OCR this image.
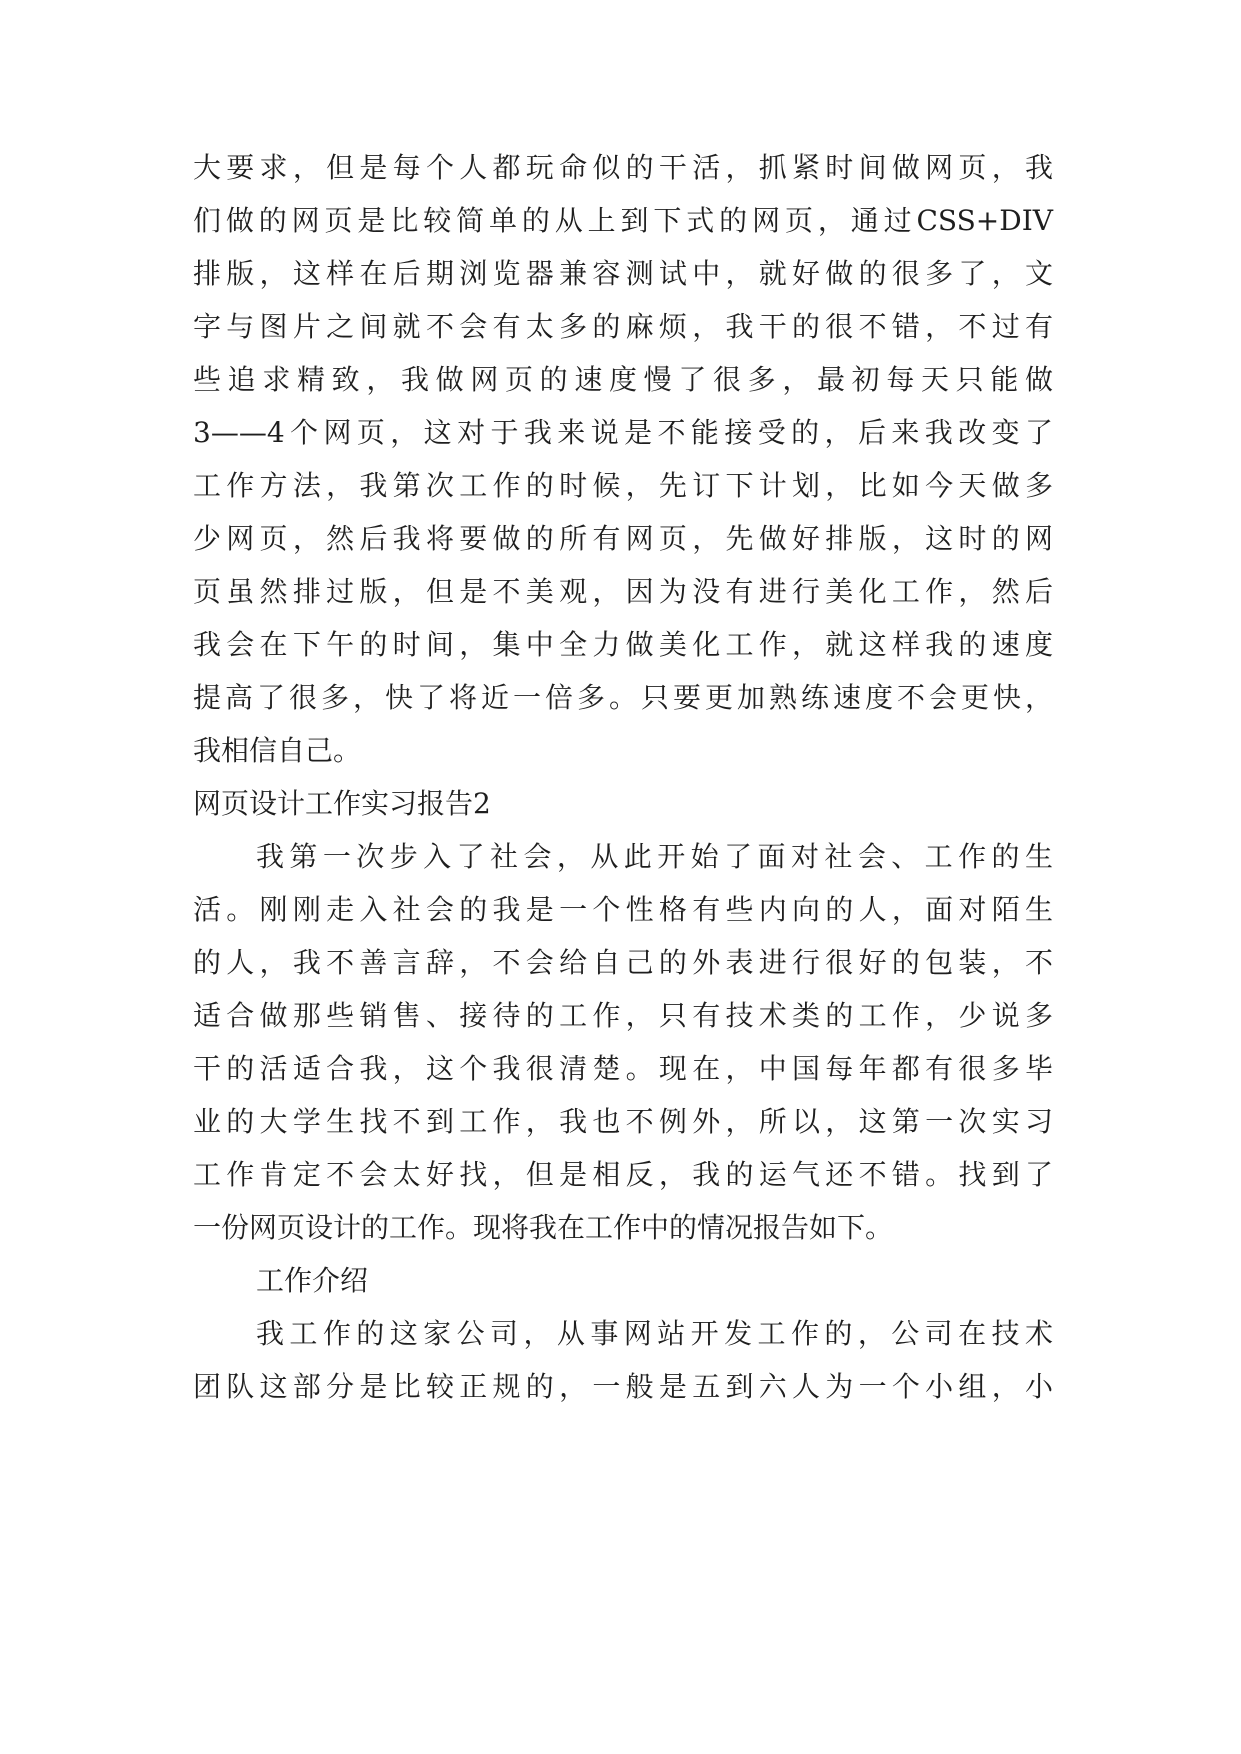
大要求，但是每个人都玩命似的干活，抓紧时间做网页，我
们做的网页是比较简单的从上到下式的网页，通过CSS+DIV
排版，这样在后期浏览器兼容测试中，就好做的很多了，文
字与图片之间就不会有太多的麻烦，我干的很不错，不过有
些追求精致，我做网页的速度慢了很多，最初每天只能做
3——4个网页，这对于我来说是不能接受的，后来我改变了
工作方法，我第次工作的时候，先订下计划，比如今天做多
少网页，然后我将要做的所有网页，先做好排版，这时的网
页虽然排过版，但是不美观，因为没有进行美化工作，然后
我会在下午的时间，集中全力做美化工作，就这样我的速度
提高了很多，快了将近一倍多。只要更加熟练速度不会更快，
我相信自己。
网页设计工作实习报告2
我第一次步入了社会，从此开始了面对社会、工作的生
活。刚刚走入社会的我是一个性格有些内向的人，面对陌生
的人，我不善言辞，不会给自己的外表进行很好的包装，不
适合做那些销售、接待的工作，只有技术类的工作，少说多
干的活适合我，这个我很清楚。现在，中国每年都有很多毕
业的大学生找不到工作，我也不例外，所以，这第一次实习
工作肯定不会太好找，但是相反，我的运气还不错。找到了
一份网页设计的工作。现将我在工作中的情况报告如下。
工作介绍
我工作的这家公司，从事网站开发工作的，公司在技术
团队这部分是比较正规的，一般是五到六人为一个小组，小
